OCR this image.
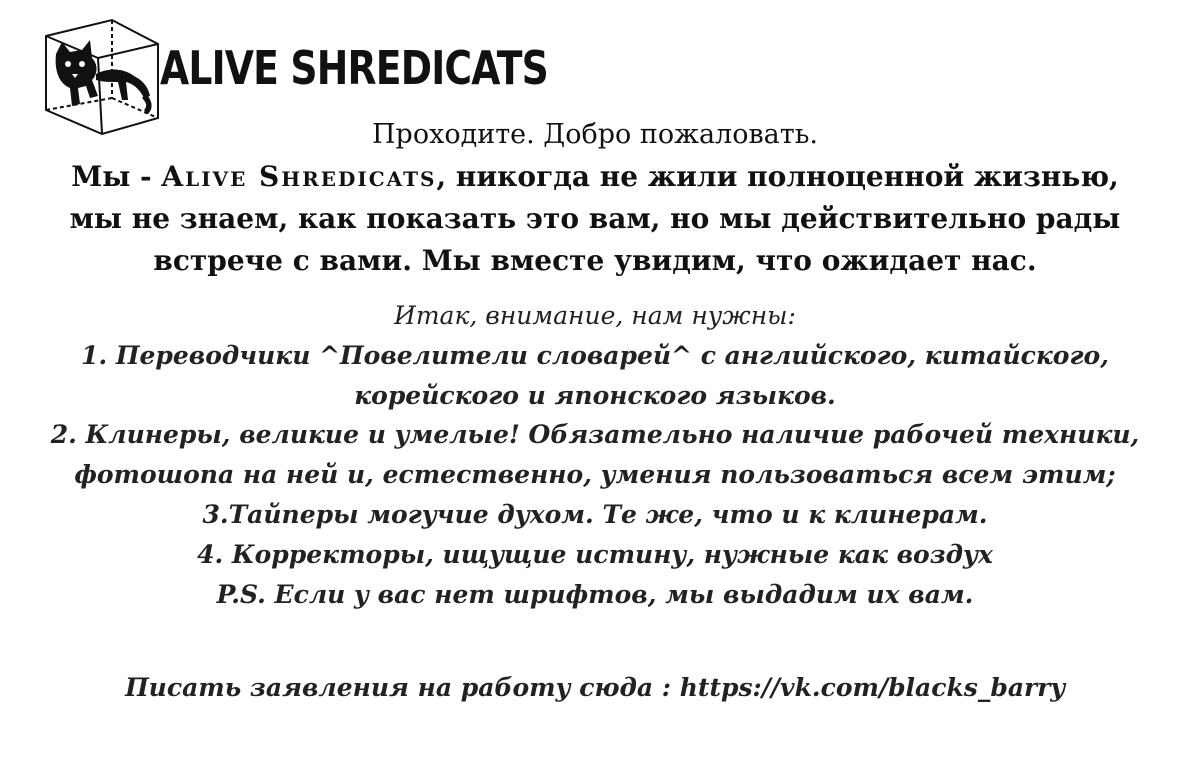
ALIVE SHREDICATS
Проходите. Добро пожаловать.
Мы - Alive Shredicats, никогда не жили полноценной жизнью,
мы не знаем, как показать это вам, но мы действительно рады
встрече с вами. Мы вместе увидим, что ожидает нас.
Итак, внимание, нам нужны:
1. Переводчики ^Повелители словарей^ с английского, китайского,
корейского и японского языков.
2. Клинеры, великие и умелые! Обязательно наличие рабочей техники,
фотошопа на ней и, естественно, умения пользоваться всем этим;
3.Тайперы могучие духом. Те же, что и к клинерам.
4. Корректоры, ищущие истину, нужные как воздух
P.S. Если у вас нет шрифтов, мы выдадим их вам.
Писать заявления на работу сюда : https://vk.com/blacks_barry
